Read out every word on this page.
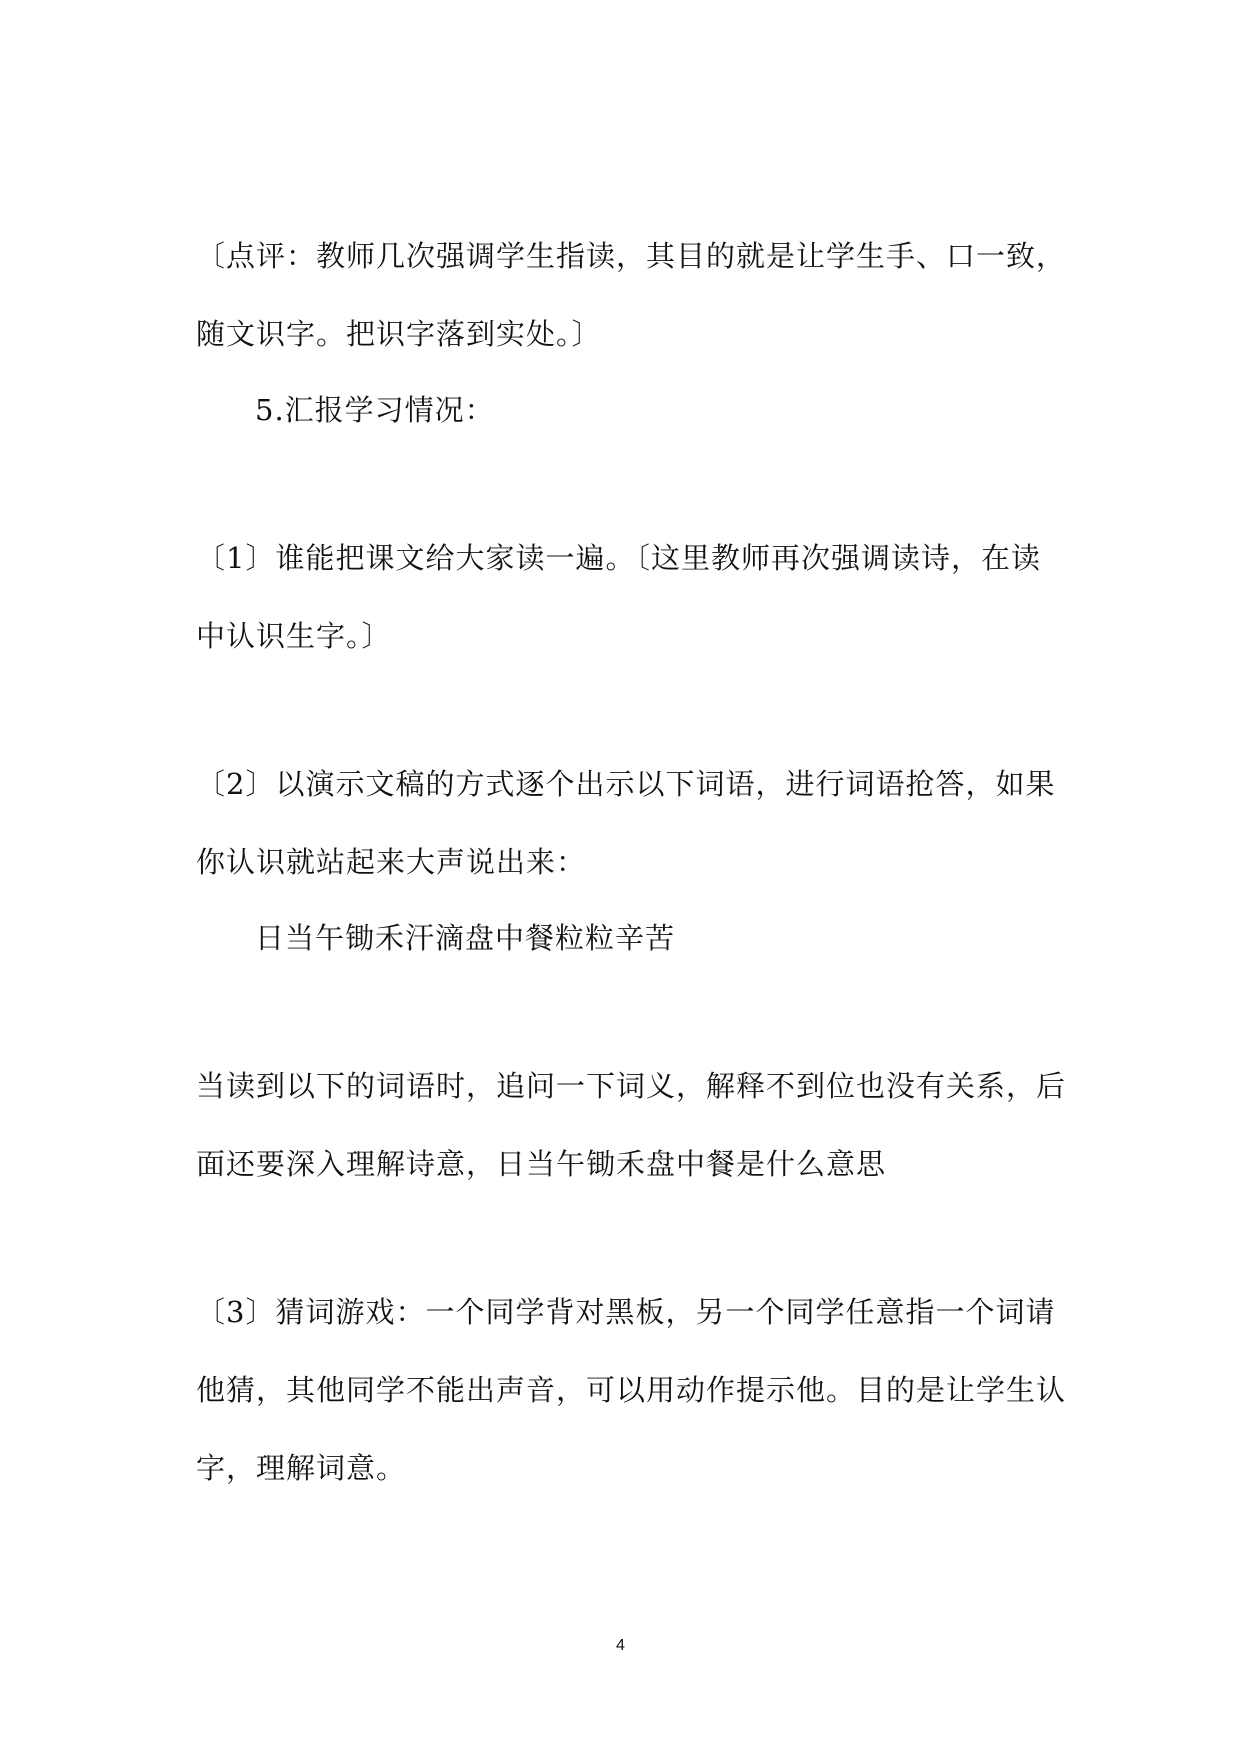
〔点评：教师几次强调学生指读，其目的就是让学生手、口一致，
随文识字。把识字落到实处。〕
5.汇报学习情况：
〔1〕谁能把课文给大家读一遍。〔这里教师再次强调读诗，在读
中认识生字。〕
〔2〕以演示文稿的方式逐个出示以下词语，进行词语抢答，如果
你认识就站起来大声说出来：
日当午锄禾汗滴盘中餐粒粒辛苦
当读到以下的词语时，追问一下词义，解释不到位也没有关系，后
面还要深入理解诗意，日当午锄禾盘中餐是什么意思
〔3〕猜词游戏：一个同学背对黑板，另一个同学任意指一个词请
他猜，其他同学不能出声音，可以用动作提示他。目的是让学生认
字，理解词意。
4
